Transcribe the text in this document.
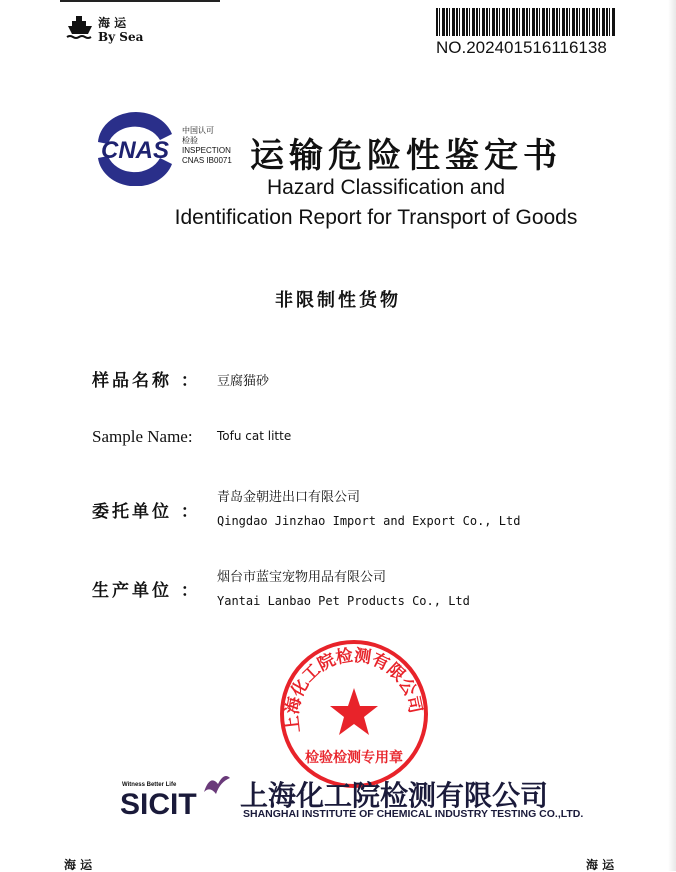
海 运
By Sea
NO.202401516116138
CNAS
中国认可
检验
INSPECTION
CNAS IB0071 运输危险性鉴定书
Hazard Classification and
Identification Report for Transport of Goods
非限制性货物
样品名称 ： 豆腐猫砂
Sample Name: Tofu cat litte
委托单位 ：
青岛金朝进出口有限公司
Qingdao Jinzhao Import and Export Co., Ltd
生产单位 ：
烟台市蓝宝宠物用品有限公司
Yantai Lanbao Pet Products Co., Ltd
上海化工院检测有限公司
检验检测专用章
Witness Better Life
SICIT 上海化工院检测有限公司
SHANGHAI INSTITUTE OF CHEMICAL INDUSTRY TESTING CO.,LTD.
海 运	海 运
